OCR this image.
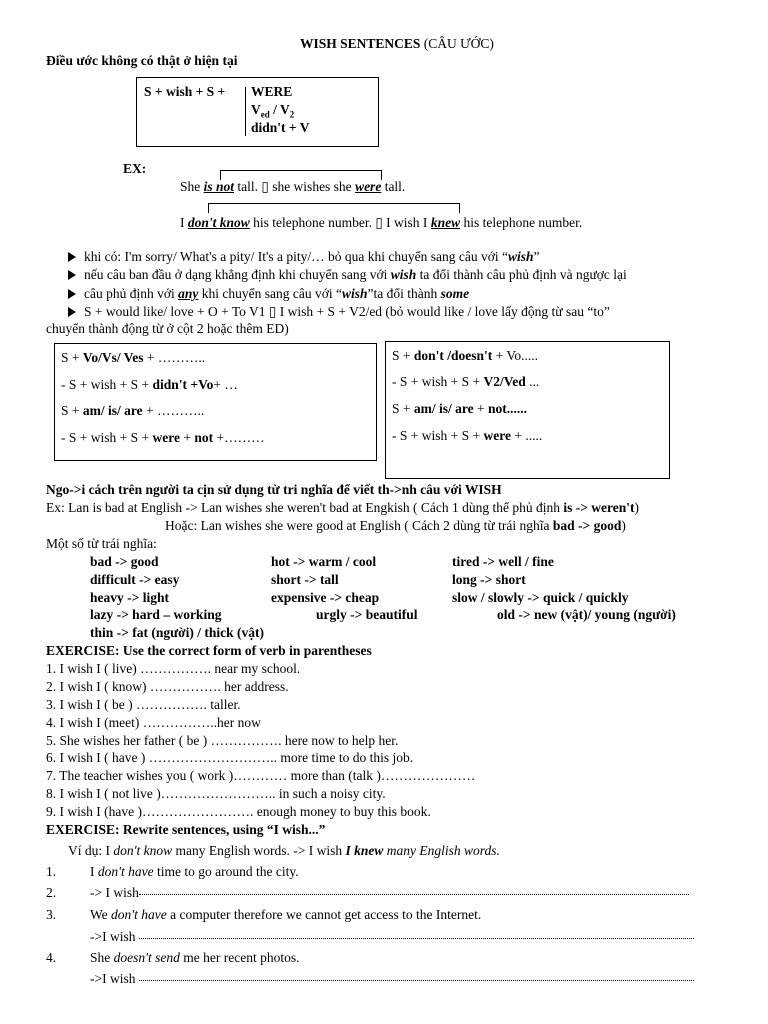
WISH SENTENCES (CÂU ƯỚC)
Điều ước không có thật ở hiện tại
S + wish + S + WERE
$V_{ed} / V_2$
didn't + V
EX:
She is not tall. ▯ she wishes she were tall.
I don't know his telephone number. ▯ I wish I knew his telephone number.
khi có: I'm sorry/ What's a pity/ It's a pity/… bỏ qua khi chuyển sang câu với “wish”
nếu câu ban đầu ở dạng khẳng định khi chuyển sang với wish ta đổi thành câu phủ định và ngược lại
câu phủ định với any khi chuyển sang câu với “wish”ta đổi thành some
S + would like/ love + O + To V1 ▯ I wish + S + V2/ed (bỏ would like / love lấy động từ sau “to”
chuyển thành động từ ở cột 2 hoặc thêm ED)
S + Vo/Vs/ Ves + ………..
- S + wish + S + didn't +Vo+ …
S + am/ is/ are + ………..
- S + wish + S + were + not +………
S + don't /doesn't + Vo.....
- S + wish + S + V2/Ved ...
S + am/ is/ are + not......
- S + wish + S + were + .....
Ngo->i cách trên người ta cịn sử dụng từ tri nghĩa để viết th->nh câu với WISH
Ex: Lan is bad at English -> Lan wishes she weren't bad at Engkish ( Cách 1 dùng thể phủ định is -> weren't)
Hoặc: Lan wishes she were good at English ( Cách 2 dùng từ trái nghĩa bad -> good)
Một số từ trái nghĩa:
bad -> good	hot -> warm / cool	tired -> well / fine
difficult -> easy	short -> tall	long -> short
heavy -> light	expensive -> cheap	slow / slowly -> quick / quickly
lazy -> hard – working	urgly -> beautiful	old -> new (vật)/ young (người)
thin -> fat (người) / thick (vật)
EXERCISE: Use the correct form of verb in parentheses
1. I wish I ( live) ……………. near my school.
2. I wish I ( know) ……………. her address.
3. I wish I ( be ) ……………. taller.
4. I wish I (meet) ……………..her now
5. She wishes her father ( be ) ……………. here now to help her.
6. I wish I ( have ) ……………………….. more time to do this job.
7. The teacher wishes you ( work )………… more than (talk )…………………
8. I wish I ( not live )…………………….. in such a noisy city.
9. I wish I (have )……………………. enough money to buy this book.
EXERCISE: Rewrite sentences, using “I wish...”
Ví dụ: I don't know many English words. -> I wish I knew many English words.
1.	I don't have time to go around the city.
2.	-> I wish
3.	We don't have a computer therefore we cannot get access to the Internet.
->I wish
4.	She doesn't send me her recent photos.
->I wish
